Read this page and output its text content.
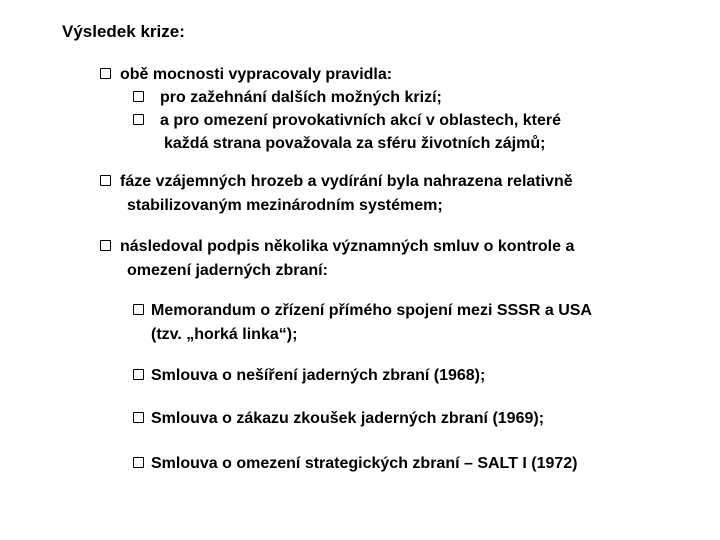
Výsledek krize:
obě mocnosti vypracovaly pravidla:
pro zažehnání dalších možných krizí;
a pro omezení provokativních akcí v oblastech, které
každá strana považovala za sféru životních zájmů;
fáze vzájemných hrozeb a vydírání byla nahrazena relativně
stabilizovaným mezinárodním systémem;
následoval podpis několika významných smluv o kontrole a
omezení jaderných zbraní:
Memorandum o zřízení přímého spojení mezi SSSR a USA
(tzv. „horká linka“);
Smlouva o nešíření jaderných zbraní (1968);
Smlouva o zákazu zkoušek jaderných zbraní (1969);
Smlouva o omezení strategických zbraní – SALT I (1972)
